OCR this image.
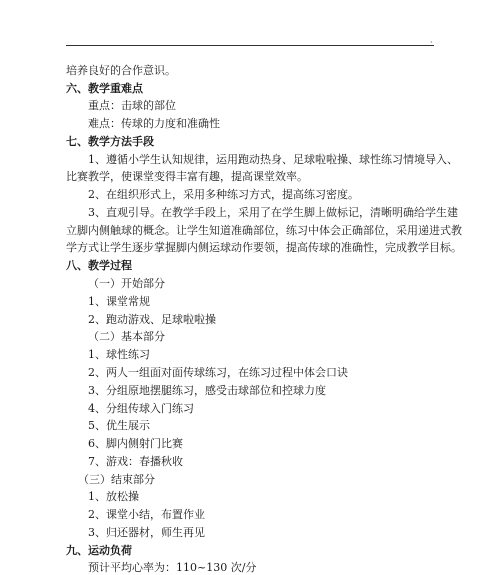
·
培养良好的合作意识。
六、教学重难点
重点：击球的部位
难点：传球的力度和准确性
七、教学方法手段
1、遵循小学生认知规律，运用跑动热身、足球啦啦操、球性练习情境导入、
比赛教学，使课堂变得丰富有趣，提高课堂效率。
2、在组织形式上，采用多种练习方式，提高练习密度。
3、直观引导。在教学手段上，采用了在学生脚上做标记，清晰明确给学生建
立脚内侧触球的概念。让学生知道准确部位，练习中体会正确部位，采用递进式教
学方式让学生逐步掌握脚内侧运球动作要领，提高传球的准确性，完成教学目标。
八、教学过程
（一）开始部分
1、课堂常规
2、跑动游戏、足球啦啦操
（二）基本部分
1、球性练习
2、两人一组面对面传球练习，在练习过程中体会口诀
3、分组原地摆腿练习，感受击球部位和控球力度
4、分组传球入门练习
5、优生展示
6、脚内侧射门比赛
7、游戏：春播秋收
（三）结束部分
1、放松操
2、课堂小结，布置作业
3、归还器材，师生再见
九、运动负荷
预计平均心率为：110~130 次/分
